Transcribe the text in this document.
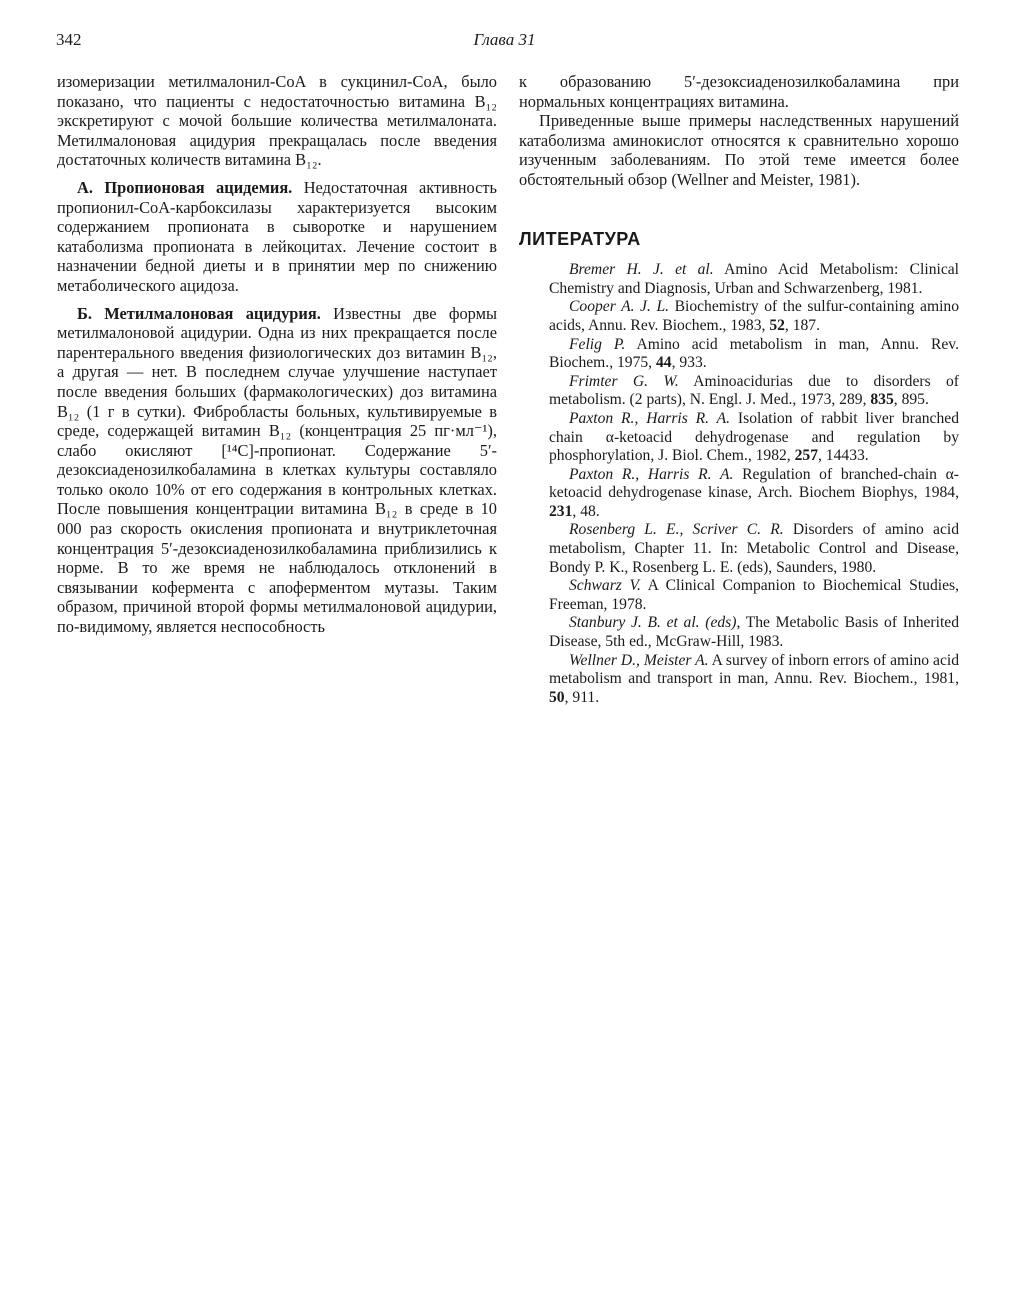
342	Глава 31

изомеризации метилмалонил-CoA в сукцинил-CoA, было показано, что пациенты с недостаточностью витамина B₁₂ экскретируют с мочой большие количества метилмалоната. Метилмалоновая ацидурия прекращалась после введения достаточных количеств витамина B₁₂.

А. Пропионовая ацидемия. Недостаточная активность пропионил-CoA-карбоксилазы характеризуется высоким содержанием пропионата в сыворотке и нарушением катаболизма пропионата в лейкоцитах. Лечение состоит в назначении бедной диеты и в принятии мер по снижению метаболического ацидоза.

Б. Метилмалоновая ацидурия. Известны две формы метилмалоновой ацидурии. Одна из них прекращается после парентерального введения физиологических доз витамин B₁₂, а другая — нет. В последнем случае улучшение наступает после введения больших (фармакологических) доз витамина B₁₂ (1 г в сутки). Фибробласты больных, культивируемые в среде, содержащей витамин B₁₂ (концентрация 25 пг·мл⁻¹), слабо окисляют [¹⁴C]-пропионат. Содержание 5′-дезоксиаденозилкобаламина в клетках культуры составляло только около 10% от его содержания в контрольных клетках. После повышения концентрации витамина B₁₂ в среде в 10 000 раз скорость окисления пропионата и внутриклеточная концентрация 5′-дезоксиаденозилкобаламина приблизились к норме. В то же время не наблюдалось отклонений в связывании кофермента с апоферментом мутазы. Таким образом, причиной второй формы метилмалоновой ацидурии, по-видимому, является неспособность

к образованию 5′-дезоксиаденозилкобаламина при нормальных концентрациях витамина.

Приведенные выше примеры наследственных нарушений катаболизма аминокислот относятся к сравнительно хорошо изученным заболеваниям. По этой теме имеется более обстоятельный обзор (Wellner and Meister, 1981).

ЛИТЕРАТУРА

Bremer H. J. et al. Amino Acid Metabolism: Clinical Chemistry and Diagnosis, Urban and Schwarzenberg, 1981.

Cooper A. J. L. Biochemistry of the sulfur-containing amino acids, Annu. Rev. Biochem., 1983, 52, 187.

Felig P. Amino acid metabolism in man, Annu. Rev. Biochem., 1975, 44, 933.

Frimter G. W. Aminoacidurias due to disorders of metabolism. (2 parts), N. Engl. J. Med., 1973, 289, 835, 895.

Paxton R., Harris R. A. Isolation of rabbit liver branched chain α-ketoacid dehydrogenase and regulation by phosphorylation, J. Biol. Chem., 1982, 257, 14433.

Paxton R., Harris R. A. Regulation of branched-chain α-ketoacid dehydrogenase kinase, Arch. Biochem Biophys, 1984, 231, 48.

Rosenberg L. E., Scriver C. R. Disorders of amino acid metabolism, Chapter 11. In: Metabolic Control and Disease, Bondy P. K., Rosenberg L. E. (eds), Saunders, 1980.

Schwarz V. A Clinical Companion to Biochemical Studies, Freeman, 1978.

Stanbury J. B. et al. (eds), The Metabolic Basis of Inherited Disease, 5th ed., McGraw-Hill, 1983.

Wellner D., Meister A. A survey of inborn errors of amino acid metabolism and transport in man, Annu. Rev. Biochem., 1981, 50, 911.
